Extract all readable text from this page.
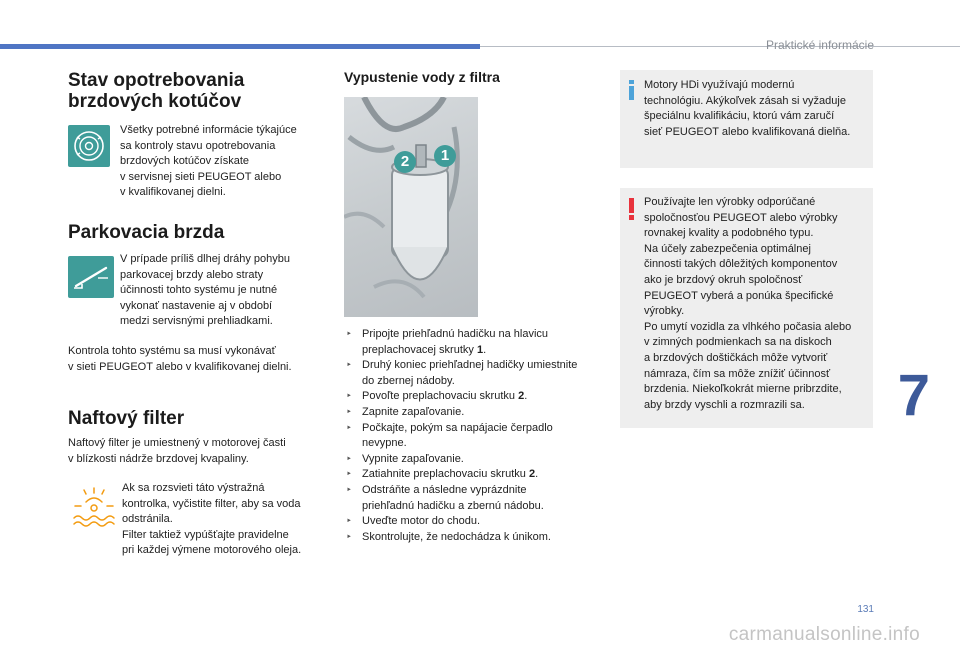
Praktické informácie
Stav opotrebovania
brzdových kotúčov
Všetky potrebné informácie týkajúce
sa kontroly stavu opotrebovania
brzdových kotúčov získate
v servisnej sieti PEUGEOT alebo
v kvalifikovanej dielni.
Parkovacia brzda
V prípade príliš dlhej dráhy pohybu
parkovacej brzdy alebo straty
účinnosti tohto systému je nutné
vykonať nastavenie aj v období
medzi servisnými prehliadkami.
Kontrola tohto systému sa musí vykonávať
v sieti PEUGEOT alebo v kvalifikovanej dielni.
Naftový filter
Naftový filter je umiestnený v motorovej časti
v blízkosti nádrže brzdovej kvapaliny.
Ak sa rozsvieti táto výstražná
kontrolka, vyčistite filter, aby sa voda
odstránila.
Filter taktiež vypúšťajte pravidelne
pri každej výmene motorového oleja.
Vypustenie vody z filtra
2	1
‣ Pripojte priehľadnú hadičku na hlavicu
preplachovacej skrutky 1.
‣ Druhý koniec priehľadnej hadičky umiestnite
do zbernej nádoby.
‣ Povoľte preplachovaciu skrutku 2.
‣ Zapnite zapaľovanie.
‣ Počkajte, pokým sa napájacie čerpadlo
nevypne.
‣ Vypnite zapaľovanie.
‣ Zatiahnite preplachovaciu skrutku 2.
‣ Odstráňte a následne vyprázdnite
priehľadnú hadičku a zbernú nádobu.
‣ Uveďte motor do chodu.
‣ Skontrolujte, že nedochádza k únikom.
Motory HDi využívajú modernú
technológiu. Akýkoľvek zásah si vyžaduje
špeciálnu kvalifikáciu, ktorú vám zaručí
sieť PEUGEOT alebo kvalifikovaná dielňa.
Používajte len výrobky odporúčané
spoločnosťou PEUGEOT alebo výrobky
rovnakej kvality a podobného typu.
Na účely zabezpečenia optimálnej
činnosti takých dôležitých komponentov
ako je brzdový okruh spoločnosť
PEUGEOT vyberá a ponúka špecifické
výrobky.
Po umytí vozidla za vlhkého počasia alebo
v zimných podmienkach sa na diskoch
a brzdových doštičkách môže vytvoriť
námraza, čím sa môže znížiť účinnosť
brzdenia. Niekoľkokrát mierne pribrzdite,
aby brzdy vyschli a rozmrazili sa.	7
131
carmanualsonline.info
